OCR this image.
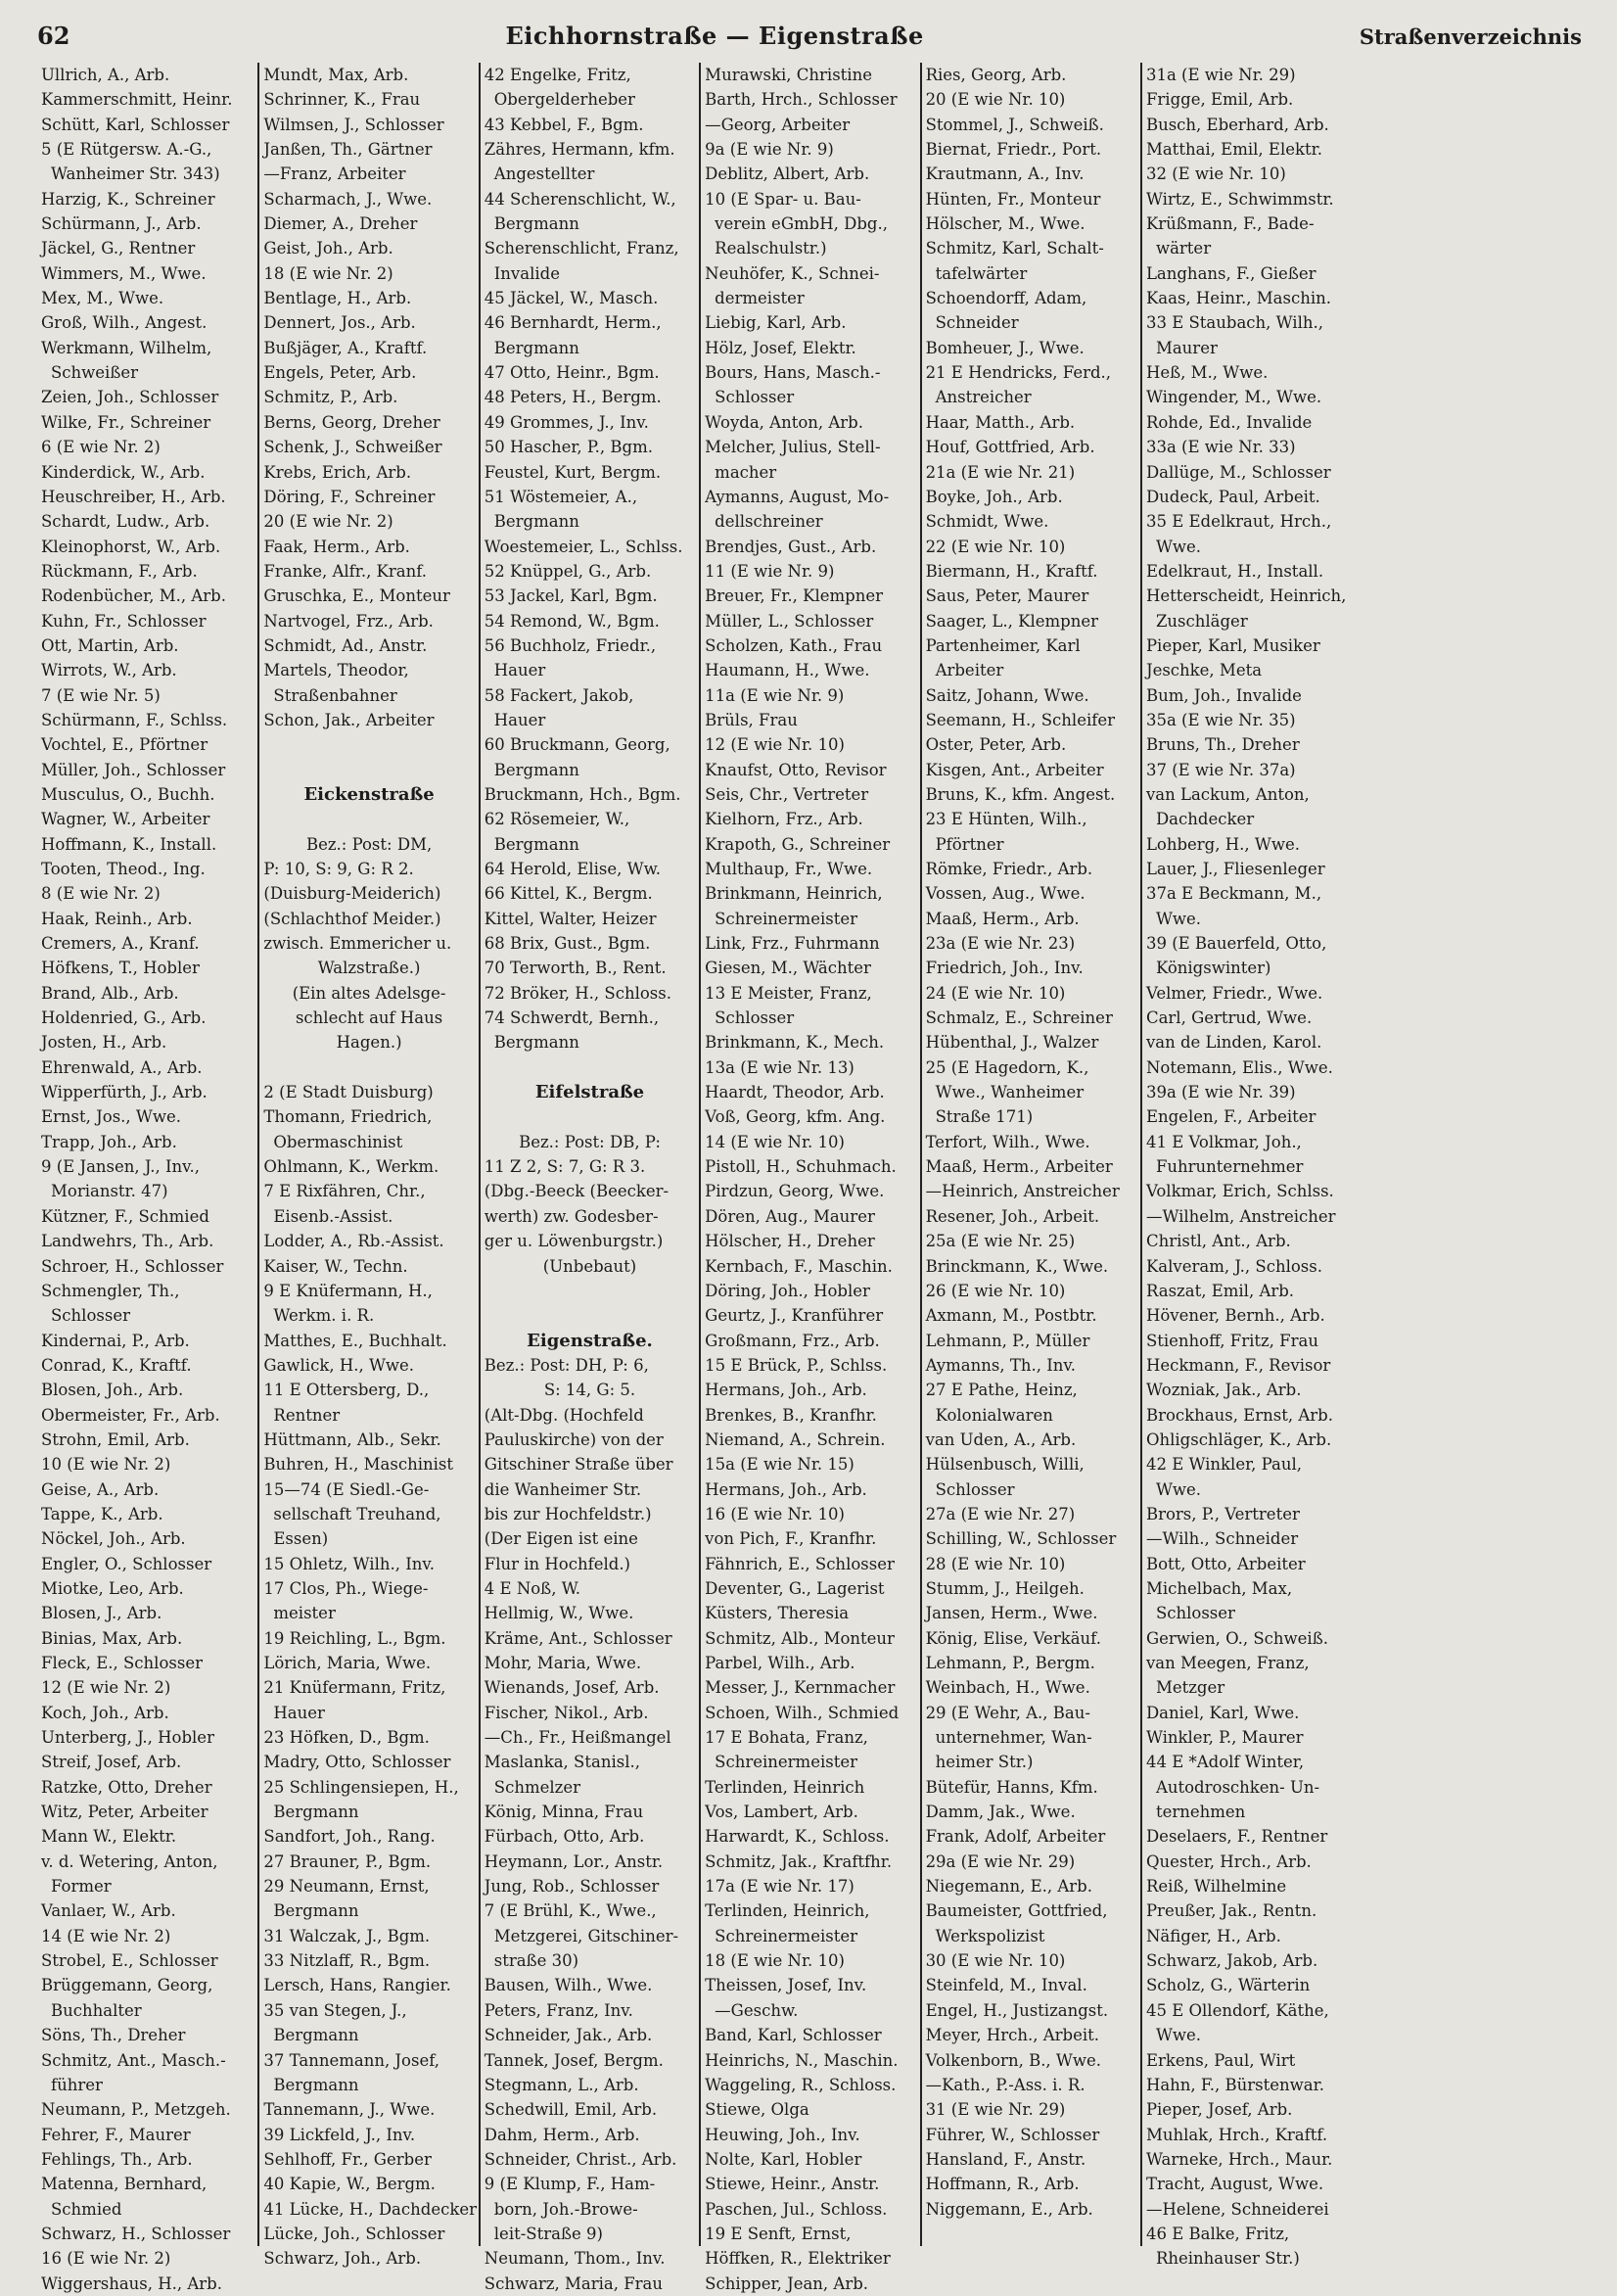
62	Eichhornstraße — Eigenstraße	Straßenverzeichnis
Ullrich, A., Arb.
Kammerschmitt, Heinr.
Schütt, Karl, Schlosser
5 (E Rütgersw. A.-G.,
Wanheimer Str. 343)
Harzig, K., Schreiner
Schürmann, J., Arb.
Jäckel, G., Rentner
Wimmers, M., Wwe.
Mex, M., Wwe.
Groß, Wilh., Angest.
Werkmann, Wilhelm,
Schweißer
Zeien, Joh., Schlosser
Wilke, Fr., Schreiner
6 (E wie Nr. 2)
Kinderdick, W., Arb.
Heuschreiber, H., Arb.
Schardt, Ludw., Arb.
Kleinophorst, W., Arb.
Rückmann, F., Arb.
Rodenbücher, M., Arb.
Kuhn, Fr., Schlosser
Ott, Martin, Arb.
Wirrots, W., Arb.
7 (E wie Nr. 5)
Schürmann, F., Schlss.
Vochtel, E., Pförtner
Müller, Joh., Schlosser
Musculus, O., Buchh.
Wagner, W., Arbeiter
Hoffmann, K., Install.
Tooten, Theod., Ing.
8 (E wie Nr. 2)
Haak, Reinh., Arb.
Cremers, A., Kranf.
Höfkens, T., Hobler
Brand, Alb., Arb.
Holdenried, G., Arb.
Josten, H., Arb.
Ehrenwald, A., Arb.
Wipperfürth, J., Arb.
Ernst, Jos., Wwe.
Trapp, Joh., Arb.
9 (E Jansen, J., Inv.,
Morianstr. 47)
Kützner, F., Schmied
Landwehrs, Th., Arb.
Schroer, H., Schlosser
Schmengler, Th.,
Schlosser
Kindernai, P., Arb.
Conrad, K., Kraftf.
Blosen, Joh., Arb.
Obermeister, Fr., Arb.
Strohn, Emil, Arb.
10 (E wie Nr. 2)
Geise, A., Arb.
Tappe, K., Arb.
Nöckel, Joh., Arb.
Engler, O., Schlosser
Miotke, Leo, Arb.
Blosen, J., Arb.
Binias, Max, Arb.
Fleck, E., Schlosser
12 (E wie Nr. 2)
Koch, Joh., Arb.
Unterberg, J., Hobler
Streif, Josef, Arb.
Ratzke, Otto, Dreher
Witz, Peter, Arbeiter
Mann W., Elektr.
v. d. Wetering, Anton,
Former
Vanlaer, W., Arb.
14 (E wie Nr. 2)
Strobel, E., Schlosser
Brüggemann, Georg,
Buchhalter
Söns, Th., Dreher
Schmitz, Ant., Masch.-
führer
Neumann, P., Metzgeh.
Fehrer, F., Maurer
Fehlings, Th., Arb.
Matenna, Bernhard,
Schmied
Schwarz, H., Schlosser
16 (E wie Nr. 2)
Wiggershaus, H., Arb.
Mundt, Max, Arb.
Schrinner, K., Frau
Wilmsen, J., Schlosser
Janßen, Th., Gärtner
—Franz, Arbeiter
Scharmach, J., Wwe.
Diemer, A., Dreher
Geist, Joh., Arb.
18 (E wie Nr. 2)
Bentlage, H., Arb.
Dennert, Jos., Arb.
Bußjäger, A., Kraftf.
Engels, Peter, Arb.
Schmitz, P., Arb.
Berns, Georg, Dreher
Schenk, J., Schweißer
Krebs, Erich, Arb.
Döring, F., Schreiner
20 (E wie Nr. 2)
Faak, Herm., Arb.
Franke, Alfr., Kranf.
Gruschka, E., Monteur
Nartvogel, Frz., Arb.
Schmidt, Ad., Anstr.
Martels, Theodor,
Straßenbahner
Schon, Jak., Arbeiter
Eickenstraße
Bez.: Post: DM,
P: 10, S: 9, G: R 2.
(Duisburg-Meiderich)
(Schlachthof Meider.)
zwisch. Emmericher u.
Walzstraße.)
(Ein altes Adelsge-
schlecht auf Haus
Hagen.)
2 (E Stadt Duisburg)
Thomann, Friedrich,
Obermaschinist
Ohlmann, K., Werkm.
7 E Rixfähren, Chr.,
Eisenb.-Assist.
Lodder, A., Rb.-Assist.
Kaiser, W., Techn.
9 E Knüfermann, H.,
Werkm. i. R.
Matthes, E., Buchhalt.
Gawlick, H., Wwe.
11 E Ottersberg, D.,
Rentner
Hüttmann, Alb., Sekr.
Buhren, H., Maschinist
15—74 (E Siedl.-Ge-
sellschaft Treuhand,
Essen)
15 Ohletz, Wilh., Inv.
17 Clos, Ph., Wiege-
meister
19 Reichling, L., Bgm.
Lörich, Maria, Wwe.
21 Knüfermann, Fritz,
Hauer
23 Höfken, D., Bgm.
Madry, Otto, Schlosser
25 Schlingensiepen, H.,
Bergmann
Sandfort, Joh., Rang.
27 Brauner, P., Bgm.
29 Neumann, Ernst,
Bergmann
31 Walczak, J., Bgm.
33 Nitzlaff, R., Bgm.
Lersch, Hans, Rangier.
35 van Stegen, J.,
Bergmann
37 Tannemann, Josef,
Bergmann
Tannemann, J., Wwe.
39 Lickfeld, J., Inv.
Sehlhoff, Fr., Gerber
40 Kapie, W., Bergm.
41 Lücke, H., Dachdecker
Lücke, Joh., Schlosser
Schwarz, Joh., Arb.
42 Engelke, Fritz,
Obergelderheber
43 Kebbel, F., Bgm.
Zähres, Hermann, kfm.
Angestellter
44 Scherenschlicht, W.,
Bergmann
Scherenschlicht, Franz,
Invalide
45 Jäckel, W., Masch.
46 Bernhardt, Herm.,
Bergmann
47 Otto, Heinr., Bgm.
48 Peters, H., Bergm.
49 Grommes, J., Inv.
50 Hascher, P., Bgm.
Feustel, Kurt, Bergm.
51 Wöstemeier, A.,
Bergmann
Woestemeier, L., Schlss.
52 Knüppel, G., Arb.
53 Jackel, Karl, Bgm.
54 Remond, W., Bgm.
56 Buchholz, Friedr.,
Hauer
58 Fackert, Jakob,
Hauer
60 Bruckmann, Georg,
Bergmann
Bruckmann, Hch., Bgm.
62 Rösemeier, W.,
Bergmann
64 Herold, Elise, Ww.
66 Kittel, K., Bergm.
Kittel, Walter, Heizer
68 Brix, Gust., Bgm.
70 Terworth, B., Rent.
72 Bröker, H., Schloss.
74 Schwerdt, Bernh.,
Bergmann
Eifelstraße
Bez.: Post: DB, P:
11 Z 2, S: 7, G: R 3.
(Dbg.-Beeck (Beecker-
werth) zw. Godesber-
ger u. Löwenburgstr.)
(Unbebaut)
Eigenstraße.
Bez.: Post: DH, P: 6,
S: 14, G: 5.
(Alt-Dbg. (Hochfeld
Pauluskirche) von der
Gitschiner Straße über
die Wanheimer Str.
bis zur Hochfeldstr.)
(Der Eigen ist eine
Flur in Hochfeld.)
4 E Noß, W.
Hellmig, W., Wwe.
Kräme, Ant., Schlosser
Mohr, Maria, Wwe.
Wienands, Josef, Arb.
Fischer, Nikol., Arb.
—Ch., Fr., Heißmangel
Maslanka, Stanisl.,
Schmelzer
König, Minna, Frau
Fürbach, Otto, Arb.
Heymann, Lor., Anstr.
Jung, Rob., Schlosser
7 (E Brühl, K., Wwe.,
Metzgerei, Gitschiner-
straße 30)
Bausen, Wilh., Wwe.
Peters, Franz, Inv.
Schneider, Jak., Arb.
Tannek, Josef, Bergm.
Stegmann, L., Arb.
Schedwill, Emil, Arb.
Dahm, Herm., Arb.
Schneider, Christ., Arb.
9 (E Klump, F., Ham-
born, Joh.-Browe-
leit-Straße 9)
Neumann, Thom., Inv.
Schwarz, Maria, Frau
Murawski, Christine
Barth, Hrch., Schlosser
—Georg, Arbeiter
9a (E wie Nr. 9)
Deblitz, Albert, Arb.
10 (E Spar- u. Bau-
verein eGmbH, Dbg.,
Realschulstr.)
Neuhöfer, K., Schnei-
dermeister
Liebig, Karl, Arb.
Hölz, Josef, Elektr.
Bours, Hans, Masch.-
Schlosser
Woyda, Anton, Arb.
Melcher, Julius, Stell-
macher
Aymanns, August, Mo-
dellschreiner
Brendjes, Gust., Arb.
11 (E wie Nr. 9)
Breuer, Fr., Klempner
Müller, L., Schlosser
Scholzen, Kath., Frau
Haumann, H., Wwe.
11a (E wie Nr. 9)
Brüls, Frau
12 (E wie Nr. 10)
Knaufst, Otto, Revisor
Seis, Chr., Vertreter
Kielhorn, Frz., Arb.
Krapoth, G., Schreiner
Multhaup, Fr., Wwe.
Brinkmann, Heinrich,
Schreinermeister
Link, Frz., Fuhrmann
Giesen, M., Wächter
13 E Meister, Franz,
Schlosser
Brinkmann, K., Mech.
13a (E wie Nr. 13)
Haardt, Theodor, Arb.
Voß, Georg, kfm. Ang.
14 (E wie Nr. 10)
Pistoll, H., Schuhmach.
Pirdzun, Georg, Wwe.
Dören, Aug., Maurer
Hölscher, H., Dreher
Kernbach, F., Maschin.
Döring, Joh., Hobler
Geurtz, J., Kranführer
Großmann, Frz., Arb.
15 E Brück, P., Schlss.
Hermans, Joh., Arb.
Brenkes, B., Kranfhr.
Niemand, A., Schrein.
15a (E wie Nr. 15)
Hermans, Joh., Arb.
16 (E wie Nr. 10)
von Pich, F., Kranfhr.
Fähnrich, E., Schlosser
Deventer, G., Lagerist
Küsters, Theresia
Schmitz, Alb., Monteur
Parbel, Wilh., Arb.
Messer, J., Kernmacher
Schoen, Wilh., Schmied
17 E Bohata, Franz,
Schreinermeister
Terlinden, Heinrich
Vos, Lambert, Arb.
Harwardt, K., Schloss.
Schmitz, Jak., Kraftfhr.
17a (E wie Nr. 17)
Terlinden, Heinrich,
Schreinermeister
18 (E wie Nr. 10)
Theissen, Josef, Inv.
—Geschw.
Band, Karl, Schlosser
Heinrichs, N., Maschin.
Waggeling, R., Schloss.
Stiewe, Olga
Heuwing, Joh., Inv.
Nolte, Karl, Hobler
Stiewe, Heinr., Anstr.
Paschen, Jul., Schloss.
19 E Senft, Ernst,
Höffken, R., Elektriker
Schipper, Jean, Arb.
Ries, Georg, Arb.
20 (E wie Nr. 10)
Stommel, J., Schweiß.
Biernat, Friedr., Port.
Krautmann, A., Inv.
Hünten, Fr., Monteur
Hölscher, M., Wwe.
Schmitz, Karl, Schalt-
tafelwärter
Schoendorff, Adam,
Schneider
Bomheuer, J., Wwe.
21 E Hendricks, Ferd.,
Anstreicher
Haar, Matth., Arb.
Houf, Gottfried, Arb.
21a (E wie Nr. 21)
Boyke, Joh., Arb.
Schmidt, Wwe.
22 (E wie Nr. 10)
Biermann, H., Kraftf.
Saus, Peter, Maurer
Saager, L., Klempner
Partenheimer, Karl
Arbeiter
Saitz, Johann, Wwe.
Seemann, H., Schleifer
Oster, Peter, Arb.
Kisgen, Ant., Arbeiter
Bruns, K., kfm. Angest.
23 E Hünten, Wilh.,
Pförtner
Römke, Friedr., Arb.
Vossen, Aug., Wwe.
Maaß, Herm., Arb.
23a (E wie Nr. 23)
Friedrich, Joh., Inv.
24 (E wie Nr. 10)
Schmalz, E., Schreiner
Hübenthal, J., Walzer
25 (E Hagedorn, K.,
Wwe., Wanheimer
Straße 171)
Terfort, Wilh., Wwe.
Maaß, Herm., Arbeiter
—Heinrich, Anstreicher
Resener, Joh., Arbeit.
25a (E wie Nr. 25)
Brinckmann, K., Wwe.
26 (E wie Nr. 10)
Axmann, M., Postbtr.
Lehmann, P., Müller
Aymanns, Th., Inv.
27 E Pathe, Heinz,
Kolonialwaren
van Uden, A., Arb.
Hülsenbusch, Willi,
Schlosser
27a (E wie Nr. 27)
Schilling, W., Schlosser
28 (E wie Nr. 10)
Stumm, J., Heilgeh.
Jansen, Herm., Wwe.
König, Elise, Verkäuf.
Lehmann, P., Bergm.
Weinbach, H., Wwe.
29 (E Wehr, A., Bau-
unternehmer, Wan-
heimer Str.)
Bütefür, Hanns, Kfm.
Damm, Jak., Wwe.
Frank, Adolf, Arbeiter
29a (E wie Nr. 29)
Niegemann, E., Arb.
Baumeister, Gottfried,
Werkspolizist
30 (E wie Nr. 10)
Steinfeld, M., Inval.
Engel, H., Justizangst.
Meyer, Hrch., Arbeit.
Volkenborn, B., Wwe.
—Kath., P.-Ass. i. R.
31 (E wie Nr. 29)
Führer, W., Schlosser
Hansland, F., Anstr.
Hoffmann, R., Arb.
Niggemann, E., Arb.
31a (E wie Nr. 29)
Frigge, Emil, Arb.
Busch, Eberhard, Arb.
Matthai, Emil, Elektr.
32 (E wie Nr. 10)
Wirtz, E., Schwimmstr.
Krüßmann, F., Bade-
wärter
Langhans, F., Gießer
Kaas, Heinr., Maschin.
33 E Staubach, Wilh.,
Maurer
Heß, M., Wwe.
Wingender, M., Wwe.
Rohde, Ed., Invalide
33a (E wie Nr. 33)
Dallüge, M., Schlosser
Dudeck, Paul, Arbeit.
35 E Edelkraut, Hrch.,
Wwe.
Edelkraut, H., Install.
Hetterscheidt, Heinrich,
Zuschläger
Pieper, Karl, Musiker
Jeschke, Meta
Bum, Joh., Invalide
35a (E wie Nr. 35)
Bruns, Th., Dreher
37 (E wie Nr. 37a)
van Lackum, Anton,
Dachdecker
Lohberg, H., Wwe.
Lauer, J., Fliesenleger
37a E Beckmann, M.,
Wwe.
39 (E Bauerfeld, Otto,
Königswinter)
Velmer, Friedr., Wwe.
Carl, Gertrud, Wwe.
van de Linden, Karol.
Notemann, Elis., Wwe.
39a (E wie Nr. 39)
Engelen, F., Arbeiter
41 E Volkmar, Joh.,
Fuhrunternehmer
Volkmar, Erich, Schlss.
—Wilhelm, Anstreicher
Christl, Ant., Arb.
Kalveram, J., Schloss.
Raszat, Emil, Arb.
Hövener, Bernh., Arb.
Stienhoff, Fritz, Frau
Heckmann, F., Revisor
Wozniak, Jak., Arb.
Brockhaus, Ernst, Arb.
Ohligschläger, K., Arb.
42 E Winkler, Paul,
Wwe.
Brors, P., Vertreter
—Wilh., Schneider
Bott, Otto, Arbeiter
Michelbach, Max,
Schlosser
Gerwien, O., Schweiß.
van Meegen, Franz,
Metzger
Daniel, Karl, Wwe.
Winkler, P., Maurer
44 E *Adolf Winter,
Autodroschken- Un-
ternehmen
Deselaers, F., Rentner
Quester, Hrch., Arb.
Reiß, Wilhelmine
Preußer, Jak., Rentn.
Näfiger, H., Arb.
Schwarz, Jakob, Arb.
Scholz, G., Wärterin
45 E Ollendorf, Käthe,
Wwe.
Erkens, Paul, Wirt
Hahn, F., Bürstenwar.
Pieper, Josef, Arb.
Muhlak, Hrch., Kraftf.
Warneke, Hrch., Maur.
Tracht, August, Wwe.
—Helene, Schneiderei
46 E Balke, Fritz,
Rheinhauser Str.)
